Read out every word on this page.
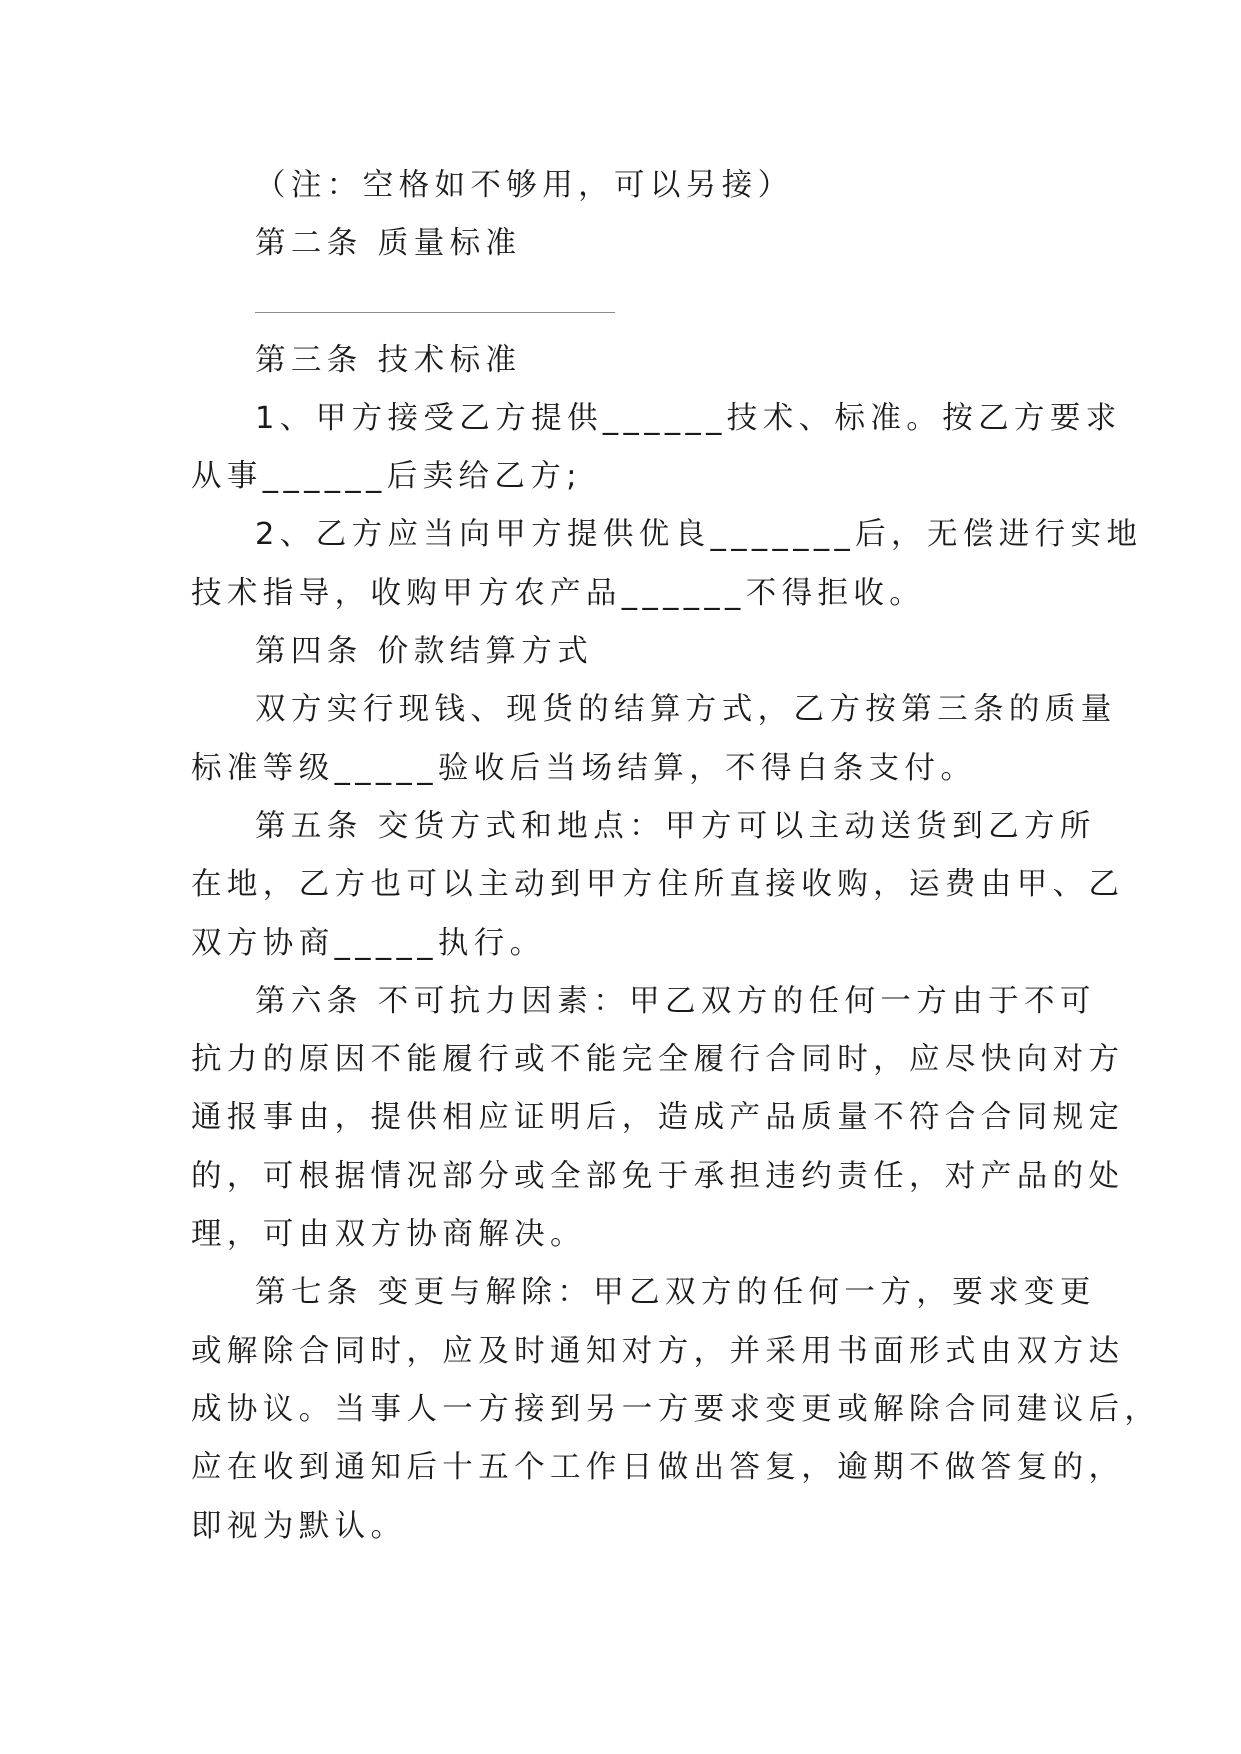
（注：空格如不够用，可以另接）

第二条 质量标准

第三条 技术标准

1、甲方接受乙方提供______技术、标准。按乙方要求

从事______后卖给乙方;

2、乙方应当向甲方提供优良_______后，无偿进行实地

技术指导，收购甲方农产品______不得拒收。

第四条 价款结算方式

双方实行现钱、现货的结算方式，乙方按第三条的质量

标准等级_____验收后当场结算，不得白条支付。

第五条 交货方式和地点：甲方可以主动送货到乙方所

在地，乙方也可以主动到甲方住所直接收购，运费由甲、乙

双方协商_____执行。

第六条 不可抗力因素：甲乙双方的任何一方由于不可

抗力的原因不能履行或不能完全履行合同时，应尽快向对方

通报事由，提供相应证明后，造成产品质量不符合合同规定

的，可根据情况部分或全部免于承担违约责任，对产品的处

理，可由双方协商解决。

第七条 变更与解除：甲乙双方的任何一方，要求变更

或解除合同时，应及时通知对方，并采用书面形式由双方达

成协议。当事人一方接到另一方要求变更或解除合同建议后，

应在收到通知后十五个工作日做出答复，逾期不做答复的，

即视为默认。
